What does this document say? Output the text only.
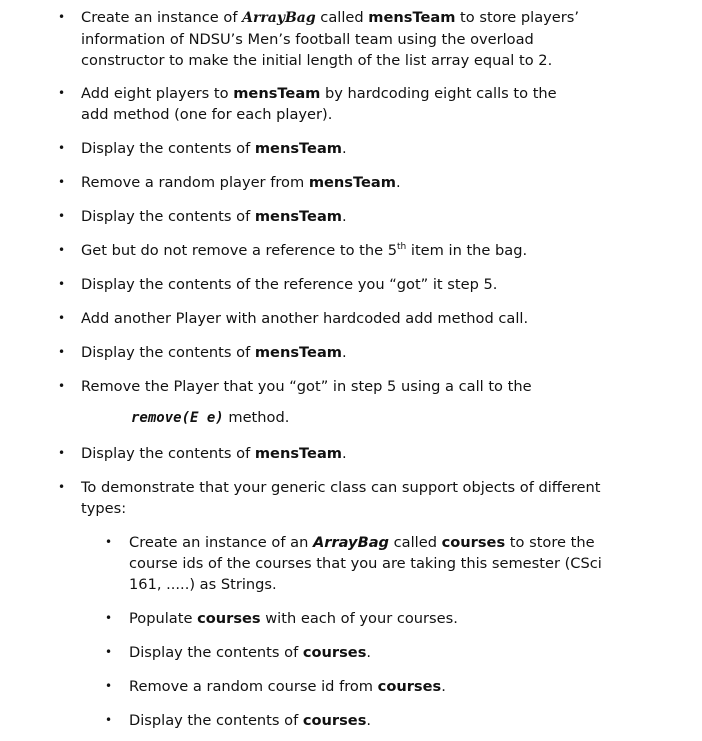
• Create an instance of ArrayBag called mensTeam to store players’ information of NDSU’s Men’s football team using the overload constructor to make the initial length of the list array equal to 2.
• Add eight players to mensTeam by hardcoding eight calls to the add method (one for each player).
• Display the contents of mensTeam.
• Remove a random player from mensTeam.
• Display the contents of mensTeam.
• Get but do not remove a reference to the 5th item in the bag.
• Display the contents of the reference you “got” it step 5.
• Add another Player with another hardcoded add method call.
• Display the contents of mensTeam.
• Remove the Player that you “got” in step 5 using a call to the
remove(E e) method.
• Display the contents of mensTeam.
• To demonstrate that your generic class can support objects of different types:
• Create an instance of an ArrayBag called courses to store the course ids of the courses that you are taking this semester (CSci 161, .....) as Strings.
• Populate courses with each of your courses.
• Display the contents of courses.
• Remove a random course id from courses.
• Display the contents of courses.
